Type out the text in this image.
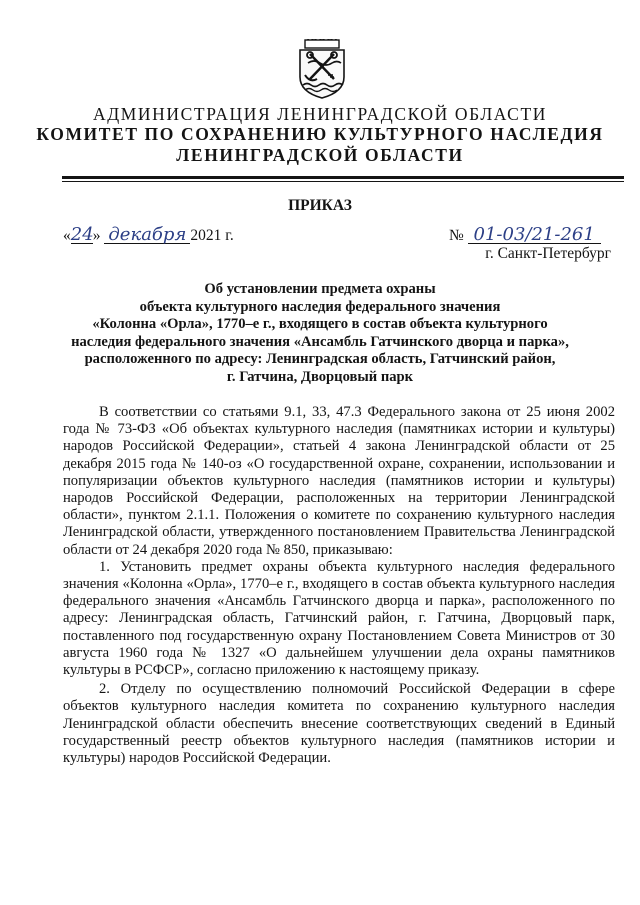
АДМИНИСТРАЦИЯ ЛЕНИНГРАДСКОЙ ОБЛАСТИ
КОМИТЕТ ПО СОХРАНЕНИЮ КУЛЬТУРНОГО НАСЛЕДИЯ
ЛЕНИНГРАДСКОЙ ОБЛАСТИ
ПРИКАЗ
«24» декабря 2021 г.	№ 01-03/21-261
г. Санкт-Петербург
Об установлении предмета охраны
объекта культурного наследия федерального значения
«Колонна «Орла», 1770–е г., входящего в состав объекта культурного
наследия федерального значения «Ансамбль Гатчинского дворца и парка»,
расположенного по адресу: Ленинградская область, Гатчинский район,
г. Гатчина, Дворцовый парк

В соответствии со статьями 9.1, 33, 47.3 Федерального закона от 25 июня 2002 года № 73-ФЗ «Об объектах культурного наследия (памятниках истории и культуры) народов Российской Федерации», статьей 4 закона Ленинградской области от 25 декабря 2015 года № 140-оз «О государственной охране, сохранении, использовании и популяризации объектов культурного наследия (памятников истории и культуры) народов Российской Федерации, расположенных на территории Ленинградской области», пунктом 2.1.1. Положения о комитете по сохранению культурного наследия Ленинградской области, утвержденного постановлением Правительства Ленинградской области от 24 декабря 2020 года № 850, приказываю:

1. Установить предмет охраны объекта культурного наследия федерального значения «Колонна «Орла», 1770–е г., входящего в состав объекта культурного наследия федерального значения «Ансамбль Гатчинского дворца и парка», расположенного по адресу: Ленинградская область, Гатчинский район, г. Гатчина, Дворцовый парк, поставленного под государственную охрану Постановлением Совета Министров от 30 августа 1960 года № 1327 «О дальнейшем улучшении дела охраны памятников культуры в РСФСР», согласно приложению к настоящему приказу.

2. Отделу по осуществлению полномочий Российской Федерации в сфере объектов культурного наследия комитета по сохранению культурного наследия Ленинградской области обеспечить внесение соответствующих сведений в Единый государственный реестр объектов культурного наследия (памятников истории и культуры) народов Российской Федерации.
